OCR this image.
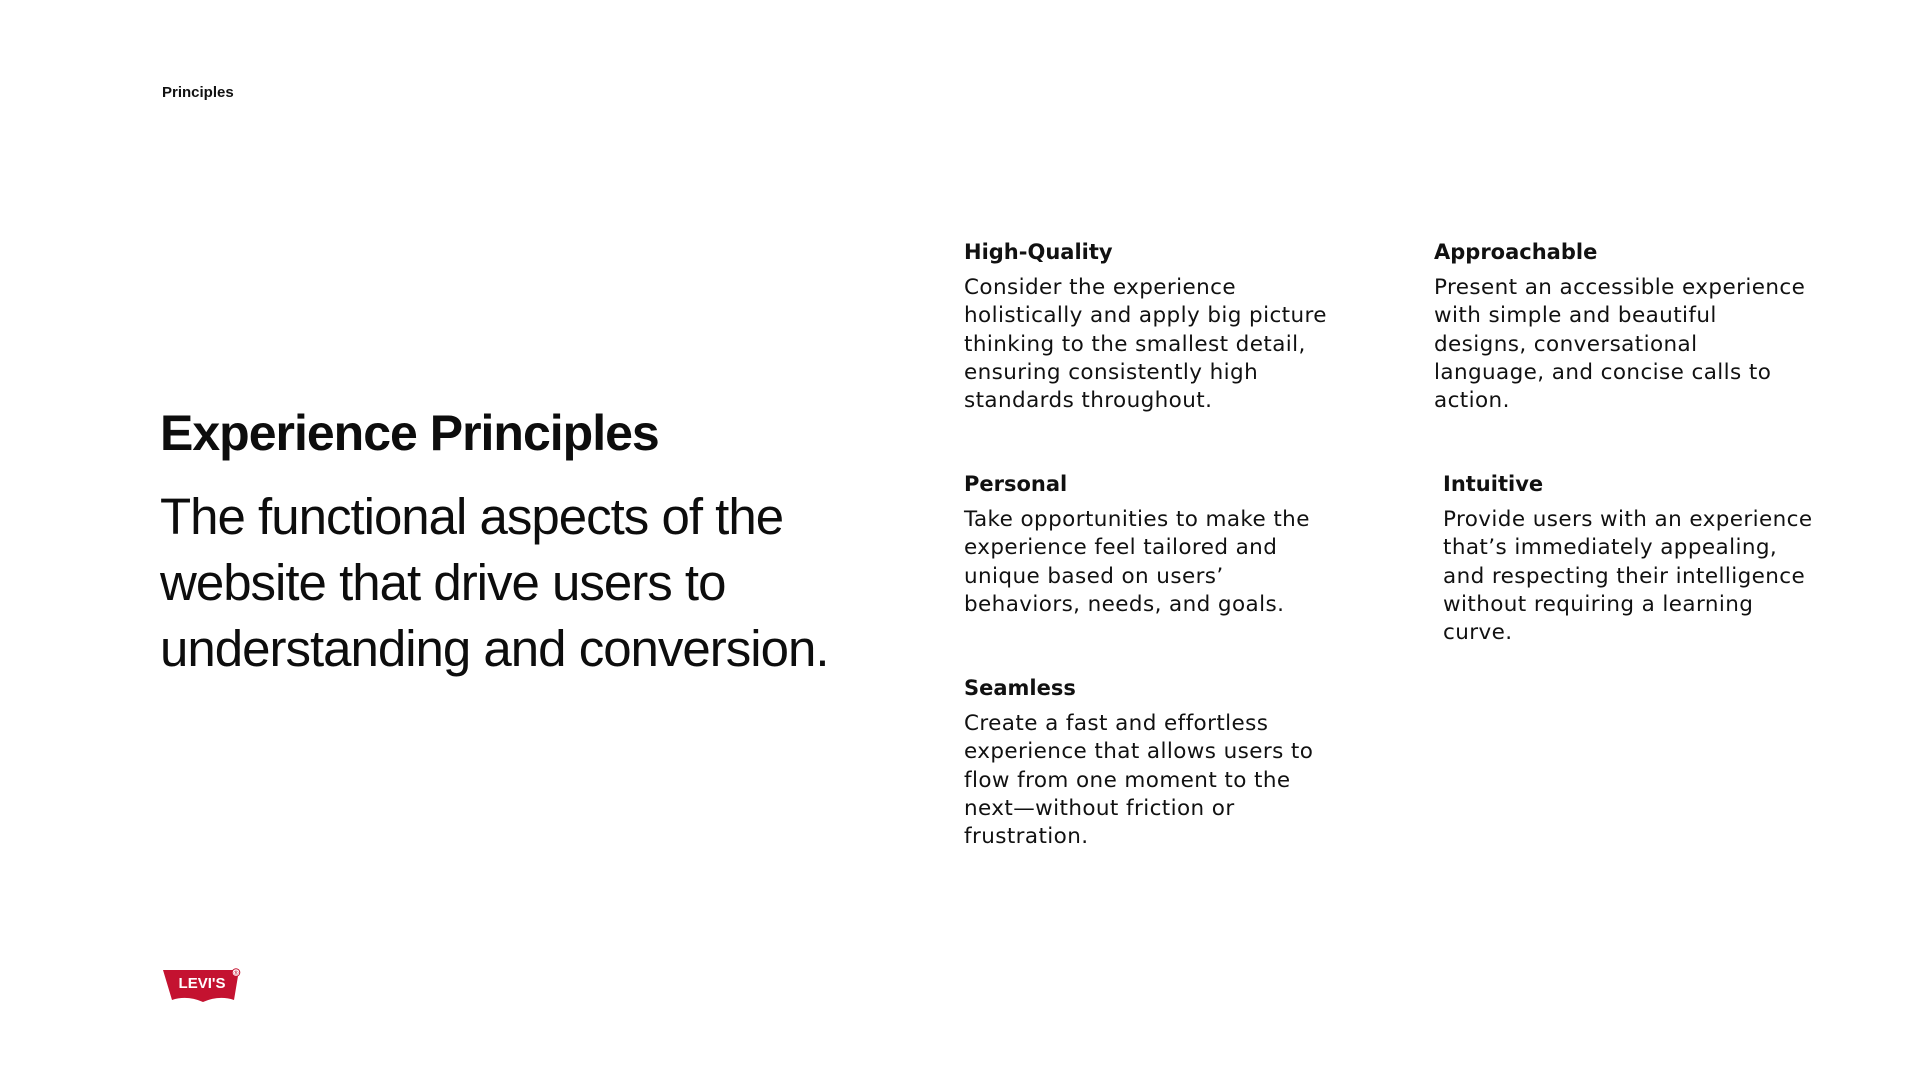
Principles
Experience Principles

The functional aspects of the website that drive users to understanding and conversion.

High-Quality

Consider the experience holistically and apply big picture thinking to the smallest detail, ensuring consistently high standards throughout.

Approachable

Present an accessible experience with simple and beautiful designs, conversational language, and concise calls to action.

Personal

Take opportunities to make the experience feel tailored and unique based on users’ behaviors, needs, and goals.

Intuitive

Provide users with an experience that’s immediately appealing, and respecting their intelligence without requiring a learning curve.

Seamless

Create a fast and effortless experience that allows users to flow from one moment to the next—without friction or frustration.

LEVI'S
®
